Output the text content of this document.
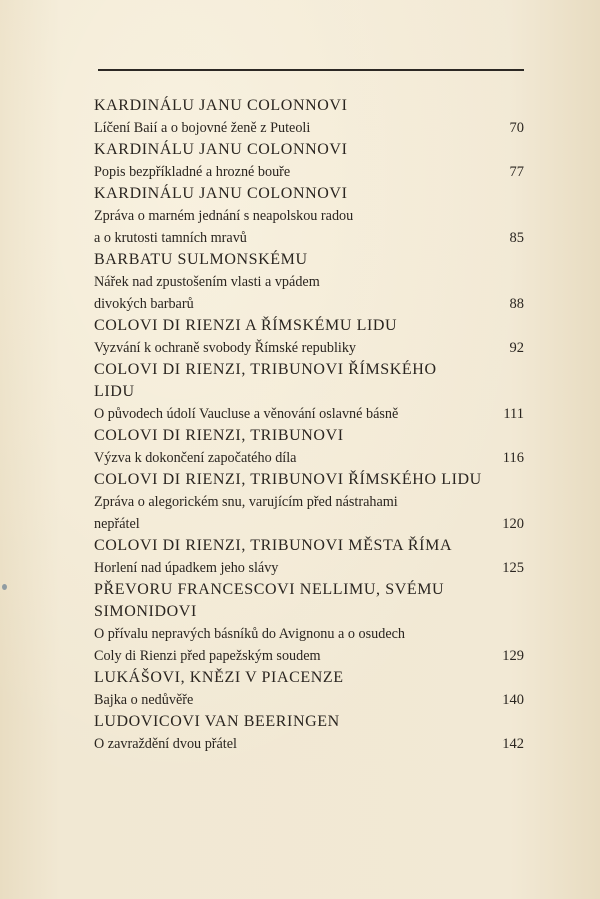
KARDINÁLU JANU COLONNOVI
Líčení Baií a o bojovné ženě z Puteoli	70
KARDINÁLU JANU COLONNOVI
Popis bezpříkladné a hrozné bouře	77
KARDINÁLU JANU COLONNOVI
Zpráva o marném jednání s neapolskou radou
a o krutosti tamních mravů	85
BARBATU SULMONSKÉMU
Nářek nad zpustošením vlasti a vpádem
divokých barbarů	88
COLOVI DI RIENZI A ŘÍMSKÉMU LIDU
Vyzvání k ochraně svobody Římské republiky	92
COLOVI DI RIENZI, TRIBUNOVI ŘÍMSKÉHO
LIDU
O původech údolí Vaucluse a věnování oslavné básně	111
COLOVI DI RIENZI, TRIBUNOVI
Výzva k dokončení započatého díla	116
COLOVI DI RIENZI, TRIBUNOVI ŘÍMSKÉHO LIDU
Zpráva o alegorickém snu, varujícím před nástrahami
nepřátel	120
COLOVI DI RIENZI, TRIBUNOVI MĚSTA ŘÍMA
Horlení nad úpadkem jeho slávy	125
PŘEVORU FRANCESCOVI NELLIMU, SVÉMU
SIMONIDOVI
O přívalu nepravých básníků do Avignonu a o osudech
Coly di Rienzi před papežským soudem	129
LUKÁŠOVI, KNĚZI V PIACENZE
Bajka o nedůvěře	140
LUDOVICOVI VAN BEERINGEN
O zavraždění dvou přátel	142
